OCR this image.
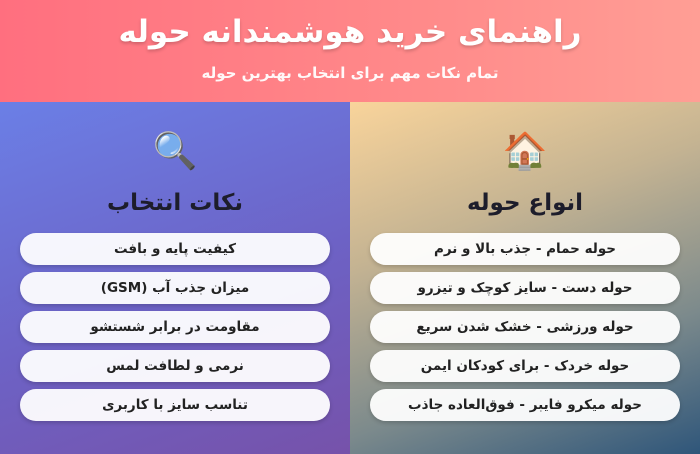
راهنمای خرید هوشمندانه حوله
تمام نکات مهم برای انتخاب بهترین حوله
🔍
نکات انتخاب
کیفیت پایه و بافت
میزان جذب آب (GSM)
مقاومت در برابر شستشو
نرمی و لطافت لمس
تناسب سایز با کاربری
🏠
انواع حوله
حوله حمام - جذب بالا و نرم
حوله دست - سایز کوچک و تیزرو
حوله ورزشی - خشک شدن سریع
حوله خردک - برای کودکان ایمن
حوله میکرو فایبر - فوق‌العاده جاذب
